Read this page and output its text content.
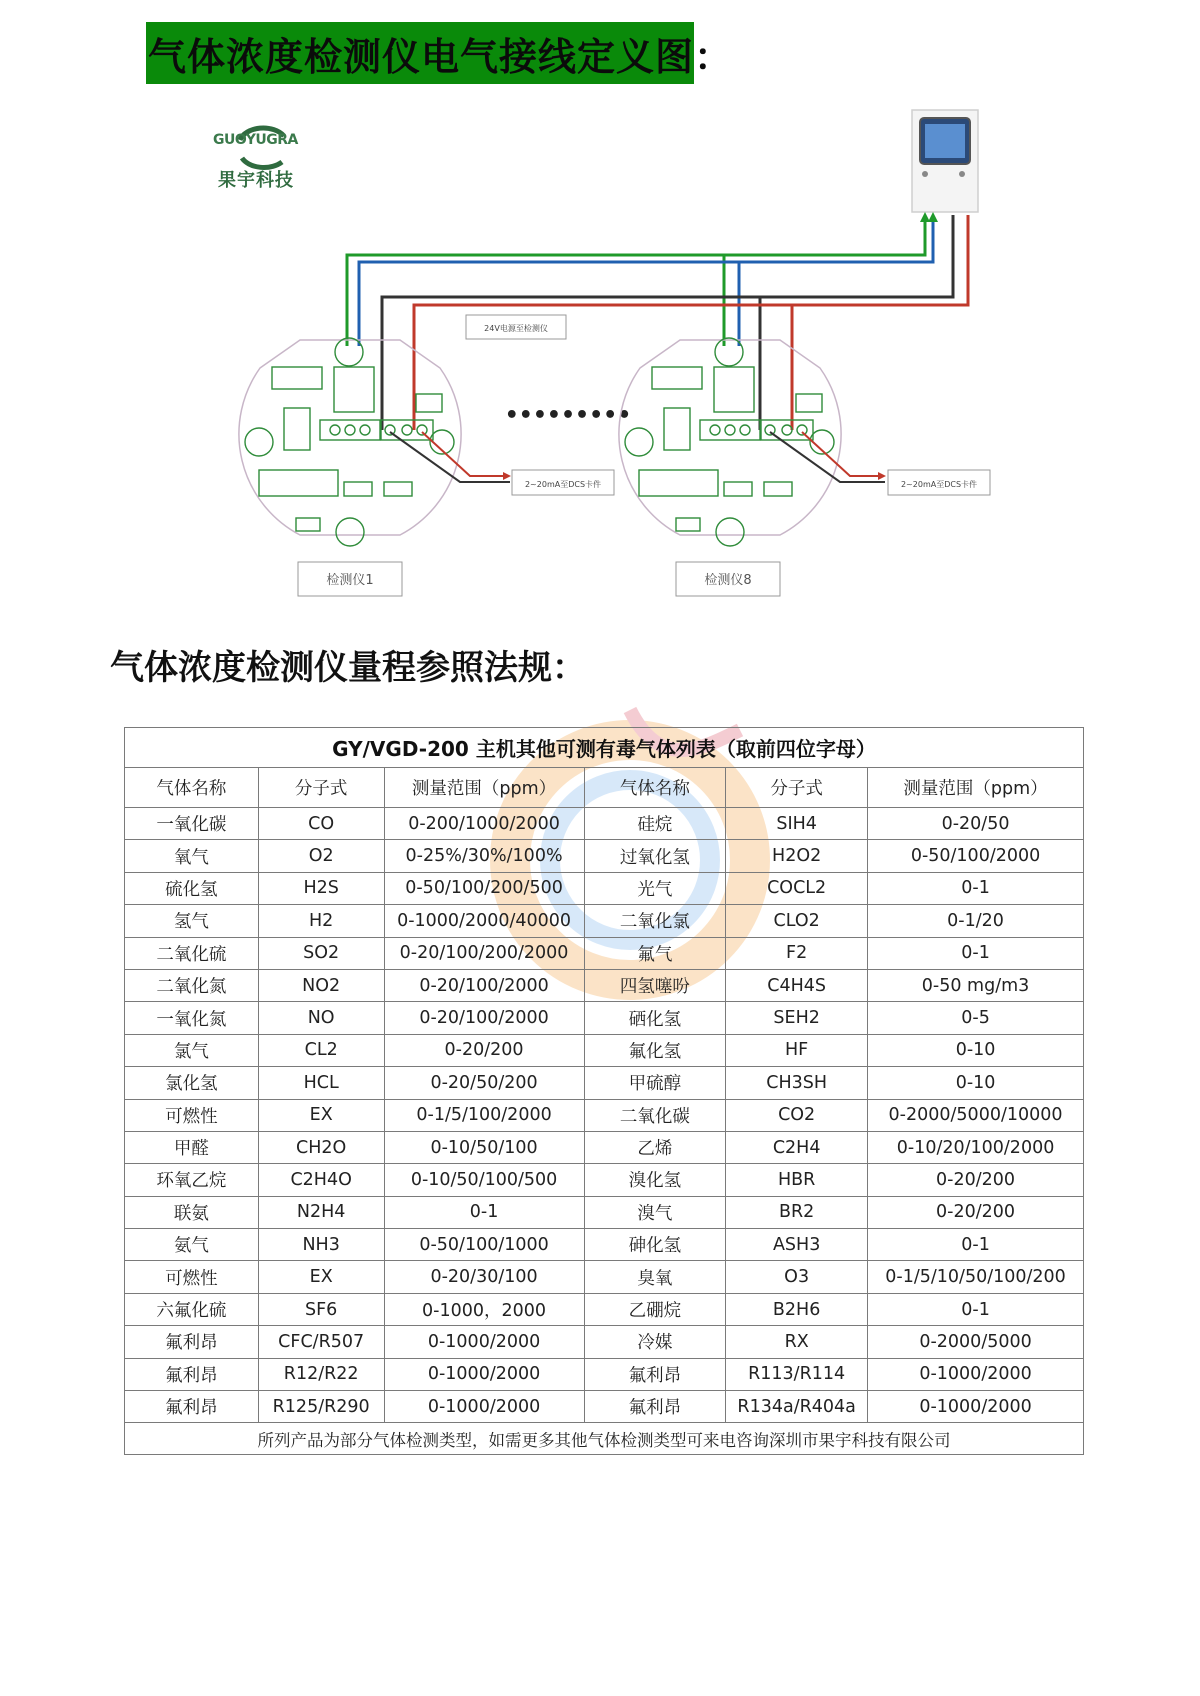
气体浓度检测仪电气接线定义图：
GUOYUGRA
果宇科技
24V电源至检测仪
2~20mA至DCS卡件
检测仪1
•••••••••
2~20mA至DCS卡件
检测仪8
气体浓度检测仪量程参照法规：
GY/VGD-200 主机其他可测有毒气体列表（取前四位字母）					
气体名称	分子式	测量范围（ppm）	气体名称	分子式	测量范围（ppm）
一氧化碳	CO	0-200/1000/2000	硅烷	SIH4	0-20/50
氧气	O2	0-25%/30%/100%	过氧化氢	H2O2	0-50/100/2000
硫化氢	H2S	0-50/100/200/500	光气	COCL2	0-1
氢气	H2	0-1000/2000/40000	二氧化氯	CLO2	0-1/20
二氧化硫	SO2	0-20/100/200/2000	氟气	F2	0-1
二氧化氮	NO2	0-20/100/2000	四氢噻吩	C4H4S	0-50 mg/m3
一氧化氮	NO	0-20/100/2000	硒化氢	SEH2	0-5
氯气	CL2	0-20/200	氟化氢	HF	0-10
氯化氢	HCL	0-20/50/200	甲硫醇	CH3SH	0-10
可燃性	EX	0-1/5/100/2000	二氧化碳	CO2	0-2000/5000/10000
甲醛	CH2O	0-10/50/100	乙烯	C2H4	0-10/20/100/2000
环氧乙烷	C2H4O	0-10/50/100/500	溴化氢	HBR	0-20/200
联氨	N2H4	0-1	溴气	BR2	0-20/200
氨气	NH3	0-50/100/1000	砷化氢	ASH3	0-1
可燃性	EX	0-20/30/100	臭氧	O3	0-1/5/10/50/100/200
六氟化硫	SF6	0-1000，2000	乙硼烷	B2H6	0-1
氟利昂	CFC/R507	0-1000/2000	冷媒	RX	0-2000/5000
氟利昂	R12/R22	0-1000/2000	氟利昂	R113/R114	0-1000/2000
氟利昂	R125/R290	0-1000/2000	氟利昂	R134a/R404a	0-1000/2000
所列产品为部分气体检测类型，如需更多其他气体检测类型可来电咨询深圳市果宇科技有限公司					
